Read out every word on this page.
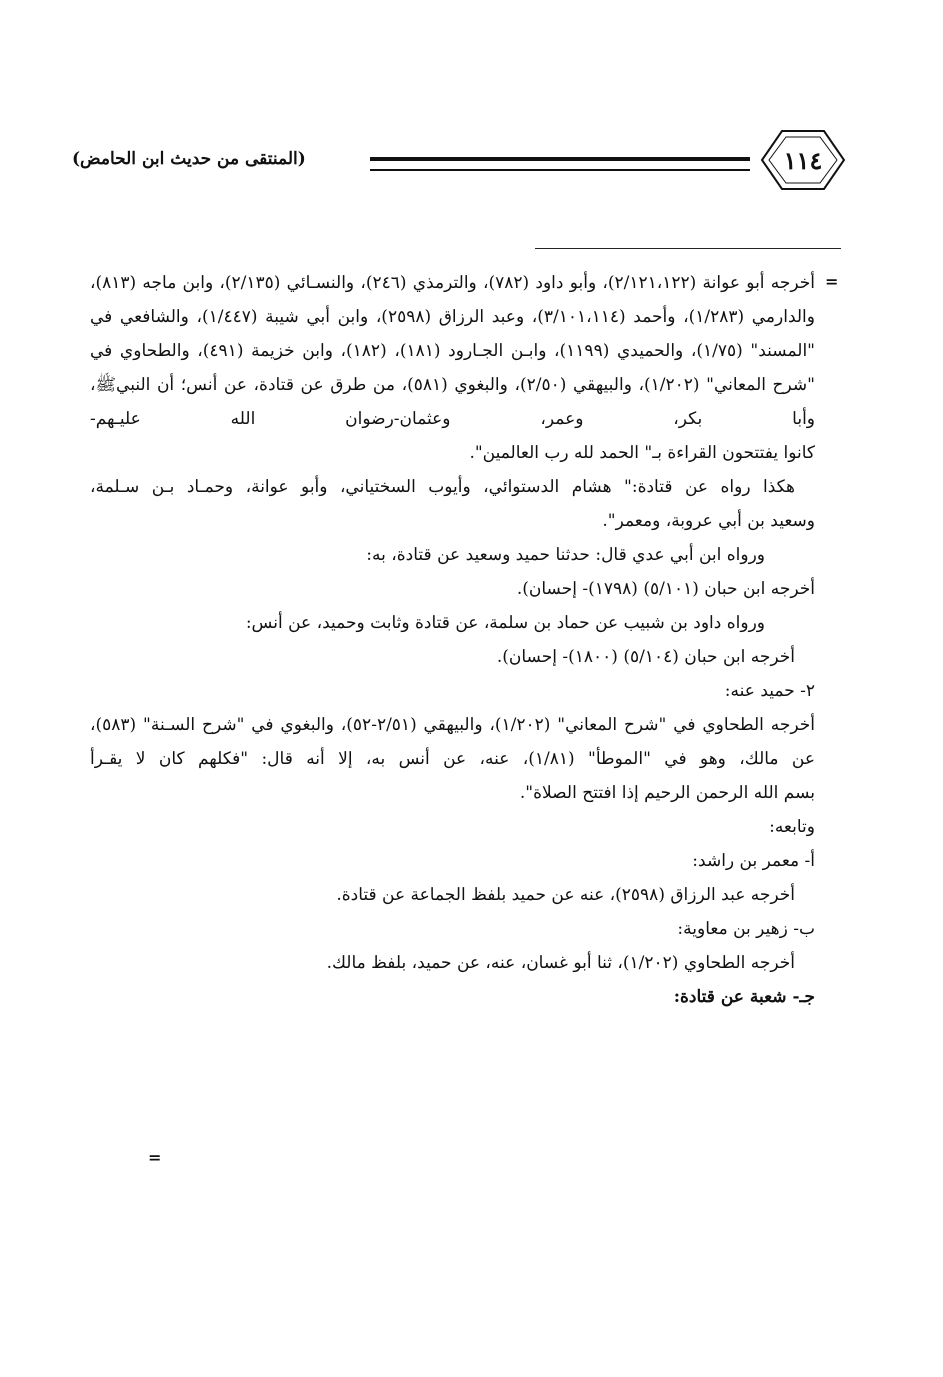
(المنتقى من حديث ابن الحامض)	١١٤
=

أخرجه أبو عوانة (٢/١٢١،١٢٢)، وأبو داود (٧٨٢)، والترمذي (٢٤٦)، والنسـائي (٢/١٣٥)، وابن ماجه (٨١٣)، والدارمي (١/٢٨٣)، وأحمد (٣/١٠١،١١٤)، وعبد الرزاق (٢٥٩٨)، وابن أبي شيبة (١/٤٤٧)، والشافعي في "المسند" (١/٧٥)، والحميدي (١١٩٩)، وابـن الجـارود (١٨١)، (١٨٢)، وابن خزيمة (٤٩١)، والطحاوي في "شرح المعاني" (١/٢٠٢)، والبيهقي (٢/٥٠)، والبغوي (٥٨١)، من طرق عن قتادة، عن أنس؛ أن النبيﷺ، وأبا بكر، وعمر، وعثمان-رضوان الله عليـهم-

كانوا يفتتحون القراءة بـ" الحمد لله رب العالمين".

هكذا رواه عن قتادة:" هشام الدستوائي، وأيوب السختياني، وأبو عوانة، وحمـاد بـن سـلمة،

وسعيد بن أبي عروبة، ومعمر".

ورواه ابن أبي عدي قال: حدثنا حميد وسعيد عن قتادة، به:

أخرجه ابن حبان (٥/١٠١) (١٧٩٨)- إحسان).

ورواه داود بن شبيب عن حماد بن سلمة، عن قتادة وثابت وحميد، عن أنس:

أخرجه ابن حبان (٥/١٠٤) (١٨٠٠)- إحسان).

٢- حميد عنه:

أخرجه الطحاوي في "شرح المعاني" (١/٢٠٢)، والبيهقي (٢/٥١-٥٢)، والبغوي في "شرح السـنة" (٥٨٣)، عن مالك، وهو في "الموطأ" (١/٨١)، عنه، عن أنس به، إلا أنه قال: "فكلهم كان لا يقـرأ

بسم الله الرحمن الرحيم إذا افتتح الصلاة".

وتابعه:

أ- معمر بن راشد:

أخرجه عبد الرزاق (٢٥٩٨)، عنه عن حميد بلفظ الجماعة عن قتادة.

ب- زهير بن معاوية:

أخرجه الطحاوي (١/٢٠٢)، ثنا أبو غسان، عنه، عن حميد، بلفظ مالك.

جـ- شعبة عن قتادة:

=
